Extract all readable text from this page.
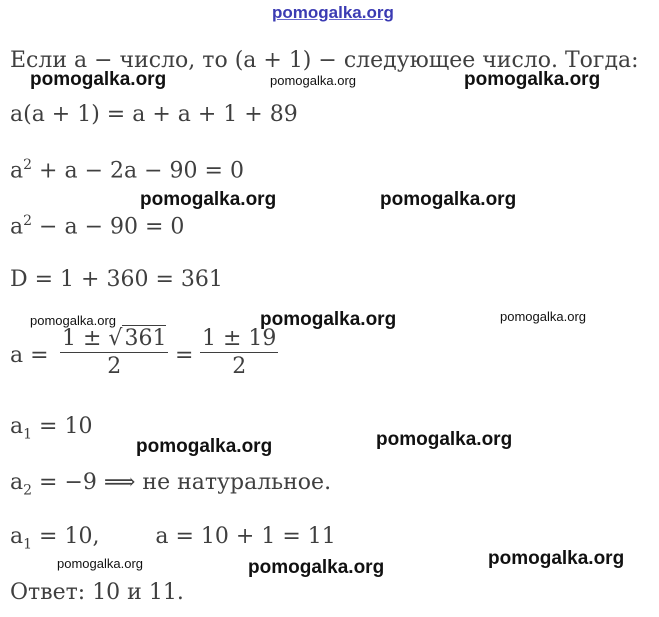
pomogalka.org
Если a − число, то (a + 1) − следующее число. Тогда:
a(a + 1) = a + a + 1 + 89
$a^2 + a - 2a - 90 = 0$
$a^2 - a - 90 = 0$
D = 1 + 360 = 361
$a = \frac{1 \pm √361}{2} = \frac{1 \pm 19}{2}$
$a_1 = 10$
$a_2 = -9$ ⟹ не натуральное.
$a_1 = 10$,        a = 10 + 1 = 11
Ответ: 10 и 11.
pomogalka.org	pomogalka.org	pomogalka.org
pomogalka.org	pomogalka.org
pomogalka.org	pomogalka.org	pomogalka.org
pomogalka.org	pomogalka.org
pomogalka.org	pomogalka.org	pomogalka.org
